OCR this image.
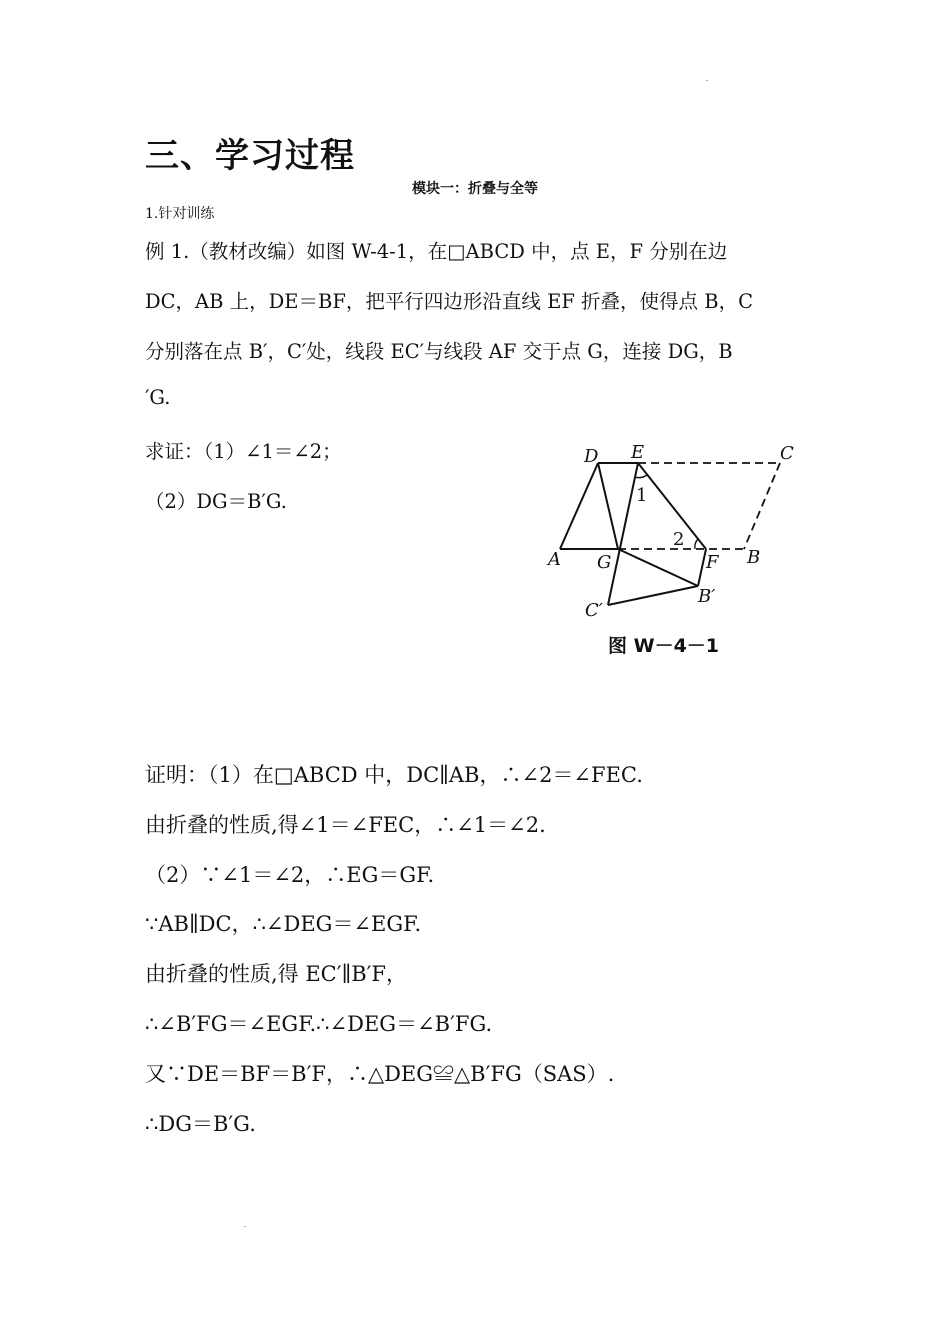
三、学习过程
模块一：折叠与全等
1.针对训练
例 1.（教材改编）如图 W-4-1，在□ABCD 中，点 E，F 分别在边
DC，AB 上，DE＝BF，把平行四边形沿直线 EF 折叠，使得点 B，C
分别落在点 B′，C′处，线段 EC′与线段 AF 交于点 G，连接 DG，B
′G.
求证：（1）∠1＝∠2；
（2）DG＝B′G.
D E	C
A G	F B
B′
C′
1
2
图 W－4－1
证明：（1）在□ABCD 中，DC∥AB，∴∠2＝∠FEC.
由折叠的性质,得∠1＝∠FEC，∴∠1＝∠2.
（2）∵∠1＝∠2，∴EG＝GF.
∵AB∥DC，∴∠DEG＝∠EGF.
由折叠的性质,得 EC′∥B′F，
∴∠B′FG＝∠EGF.∴∠DEG＝∠B′FG.
又∵DE＝BF＝B′F，∴△DEG≌△B′FG（SAS）.
∴DG＝B′G.
